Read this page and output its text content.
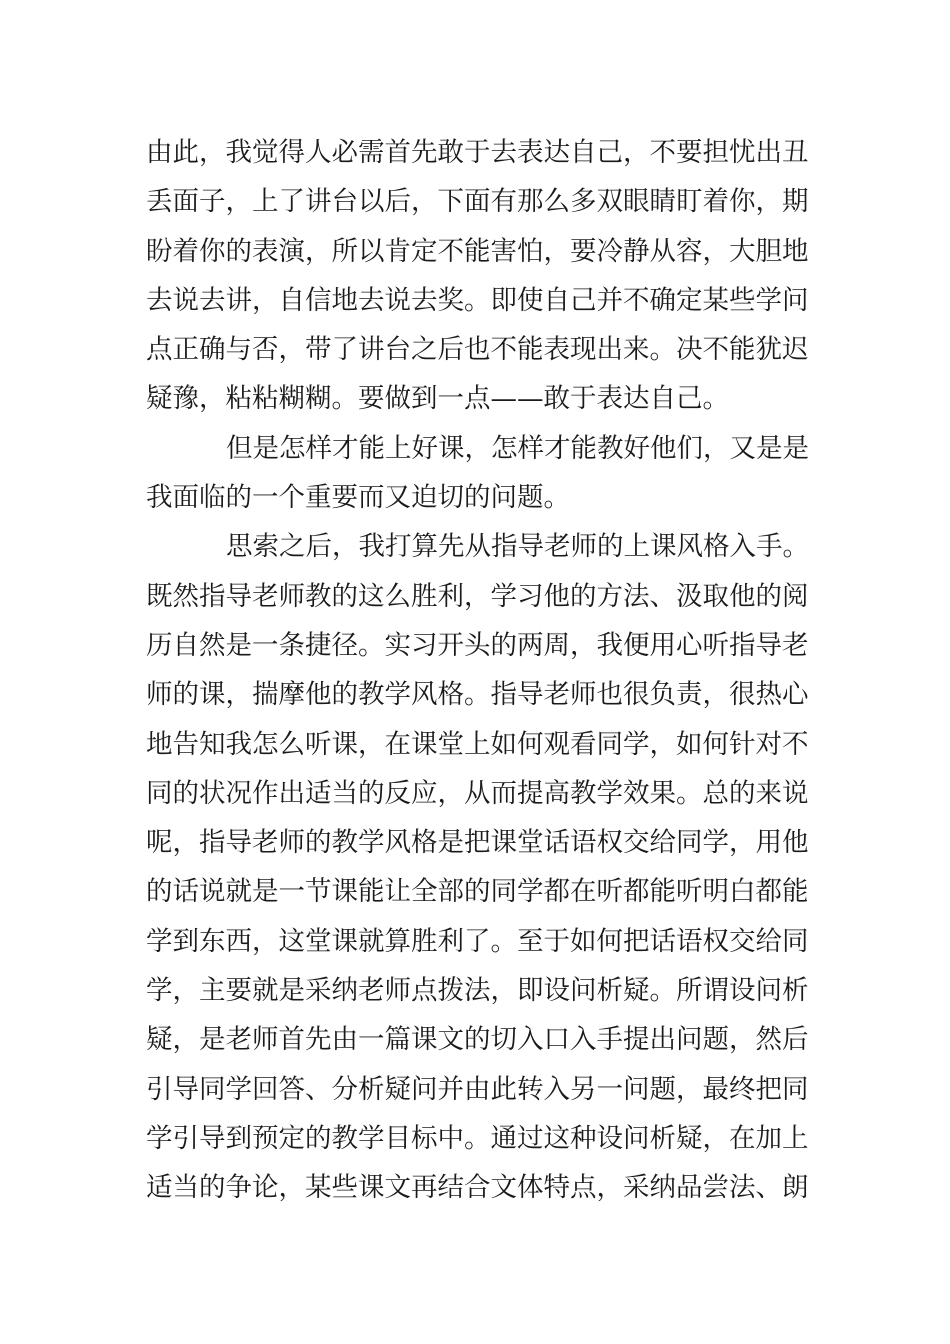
由此，我觉得人必需首先敢于去表达自己，不要担忧出丑
丢面子，上了讲台以后，下面有那么多双眼睛盯着你，期
盼着你的表演，所以肯定不能害怕，要冷静从容，大胆地
去说去讲，自信地去说去奖。即使自己并不确定某些学问
点正确与否，带了讲台之后也不能表现出来。决不能犹迟
疑豫，粘粘糊糊。要做到一点——敢于表达自己。
但是怎样才能上好课，怎样才能教好他们，又是是
我面临的一个重要而又迫切的问题。
思索之后，我打算先从指导老师的上课风格入手。
既然指导老师教的这么胜利，学习他的方法、汲取他的阅
历自然是一条捷径。实习开头的两周，我便用心听指导老
师的课，揣摩他的教学风格。指导老师也很负责，很热心
地告知我怎么听课，在课堂上如何观看同学，如何针对不
同的状况作出适当的反应，从而提高教学效果。总的来说
呢，指导老师的教学风格是把课堂话语权交给同学，用他
的话说就是一节课能让全部的同学都在听都能听明白都能
学到东西，这堂课就算胜利了。至于如何把话语权交给同
学，主要就是采纳老师点拨法，即设问析疑。所谓设问析
疑，是老师首先由一篇课文的切入口入手提出问题，然后
引导同学回答、分析疑问并由此转入另一问题，最终把同
学引导到预定的教学目标中。通过这种设问析疑，在加上
适当的争论，某些课文再结合文体特点，采纳品尝法、朗
